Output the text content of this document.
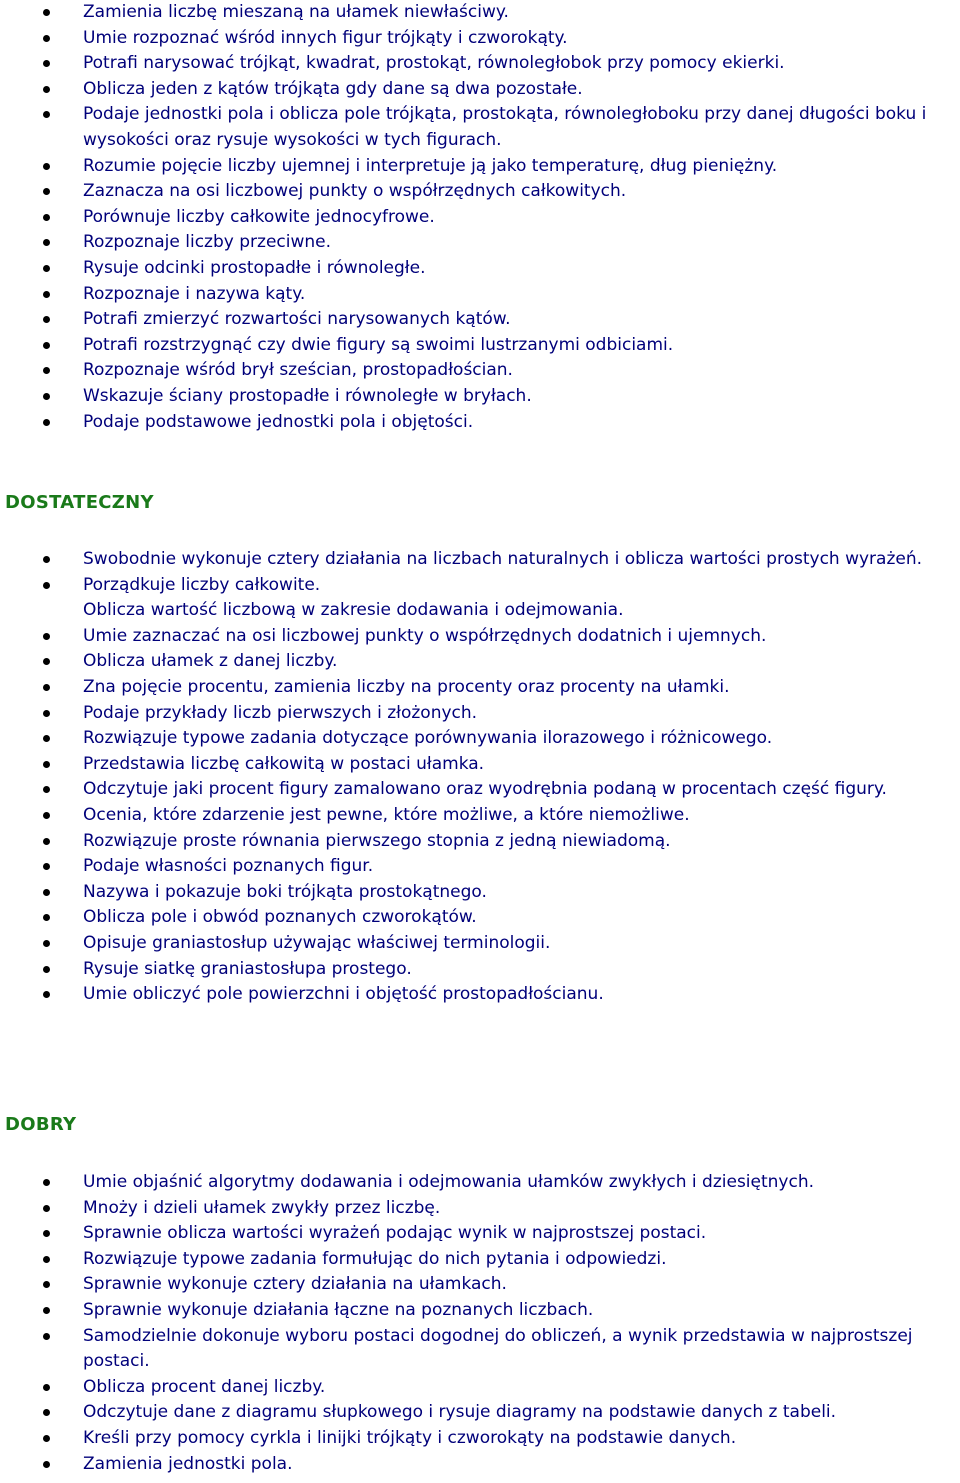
Zamienia liczbę mieszaną na ułamek niewłaściwy.
Umie rozpoznać wśród innych figur trójkąty i czworokąty.
Potrafi narysować trójkąt, kwadrat, prostokąt, równoległobok przy pomocy ekierki.
Oblicza jeden z kątów trójkąta gdy dane są dwa pozostałe.
Podaje jednostki pola i oblicza pole trójkąta, prostokąta, równoległoboku przy danej długości boku i wysokości oraz rysuje wysokości w tych figurach.
Rozumie pojęcie liczby ujemnej i interpretuje ją jako temperaturę, dług pieniężny.
Zaznacza na osi liczbowej punkty o współrzędnych całkowitych.
Porównuje liczby całkowite jednocyfrowe.
Rozpoznaje liczby przeciwne.
Rysuje odcinki prostopadłe i równoległe.
Rozpoznaje i nazywa kąty.
Potrafi zmierzyć rozwartości narysowanych kątów.
Potrafi rozstrzygnąć czy dwie figury są swoimi lustrzanymi odbiciami.
Rozpoznaje wśród brył sześcian, prostopadłościan.
Wskazuje ściany prostopadłe i równoległe w bryłach.
Podaje podstawowe jednostki pola i objętości.
DOSTATECZNY
Swobodnie wykonuje cztery działania na liczbach naturalnych i oblicza wartości prostych wyrażeń.
Porządkuje liczby całkowite.
Oblicza wartość liczbową w zakresie dodawania i odejmowania.
Umie zaznaczać na osi liczbowej punkty o współrzędnych dodatnich i ujemnych.
Oblicza ułamek z danej liczby.
Zna pojęcie procentu, zamienia liczby na procenty oraz procenty na ułamki.
Podaje przykłady liczb pierwszych i złożonych.
Rozwiązuje typowe zadania dotyczące porównywania ilorazowego i różnicowego.
Przedstawia liczbę całkowitą w postaci ułamka.
Odczytuje jaki procent figury zamalowano oraz wyodrębnia podaną w procentach część figury.
Ocenia, które zdarzenie jest pewne, które możliwe, a które niemożliwe.
Rozwiązuje proste równania pierwszego stopnia z jedną niewiadomą.
Podaje własności poznanych figur.
Nazywa i pokazuje boki trójkąta prostokątnego.
Oblicza pole i obwód poznanych czworokątów.
Opisuje graniastosłup używając właściwej terminologii.
Rysuje siatkę graniastosłupa prostego.
Umie obliczyć pole powierzchni i objętość prostopadłościanu.
DOBRY
Umie objaśnić algorytmy dodawania i odejmowania ułamków zwykłych i dziesiętnych.
Mnoży i dzieli ułamek zwykły przez liczbę.
Sprawnie oblicza wartości wyrażeń podając wynik w najprostszej postaci.
Rozwiązuje typowe zadania formułując do nich pytania i odpowiedzi.
Sprawnie wykonuje cztery działania na ułamkach.
Sprawnie wykonuje działania łączne na poznanych liczbach.
Samodzielnie dokonuje wyboru postaci dogodnej do obliczeń, a wynik przedstawia w najprostszej postaci.
Oblicza procent danej liczby.
Odczytuje dane z diagramu słupkowego i rysuje diagramy na podstawie danych z tabeli.
Kreśli przy pomocy cyrkla i linijki trójkąty i czworokąty na podstawie danych.
Zamienia jednostki pola.
